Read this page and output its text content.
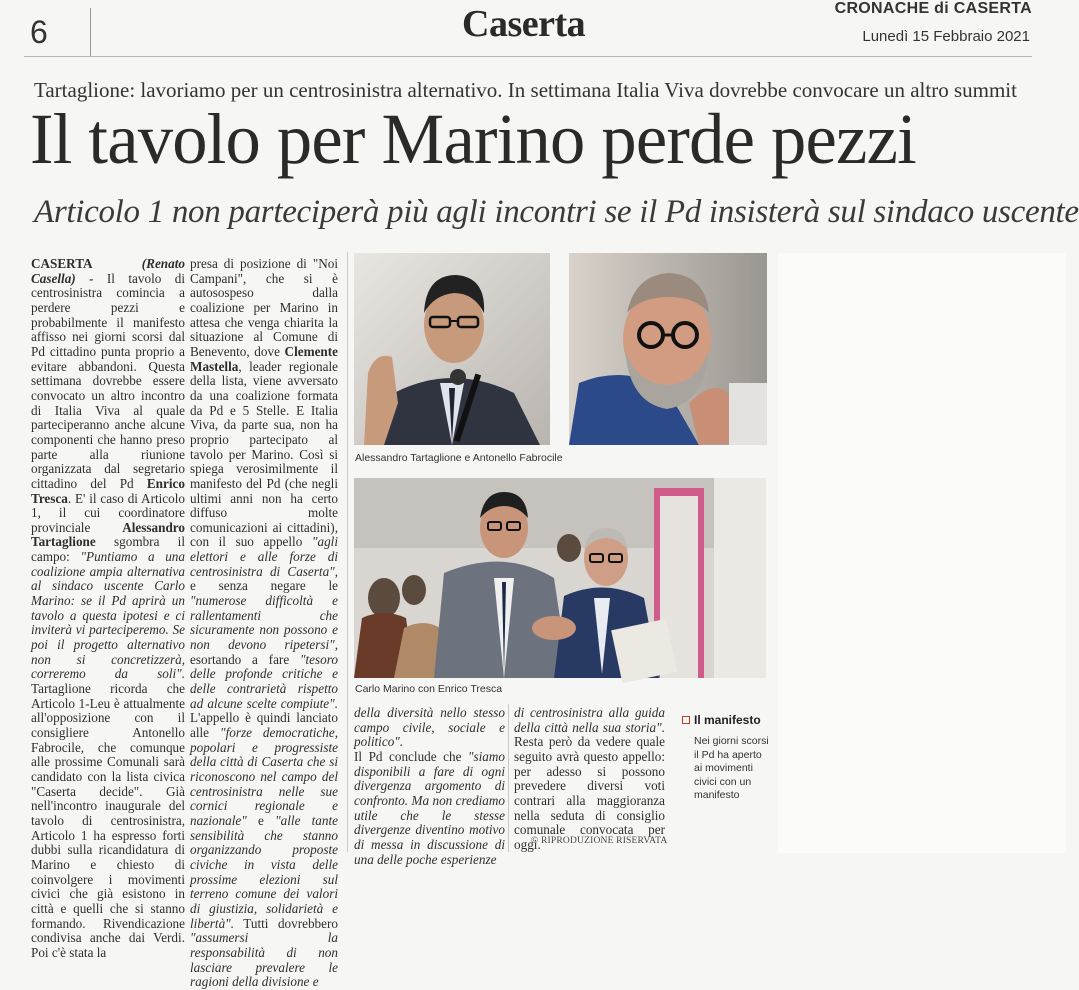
6	Caserta	CRONACHE di CASERTA
Lunedì 15 Febbraio 2021
Tartaglione: lavoriamo per un centrosinistra alternativo. In settimana Italia Viva dovrebbe convocare un altro summit
Il tavolo per Marino perde pezzi
Articolo 1 non parteciperà più agli incontri se il Pd insisterà sul sindaco uscente

CASERTA	(Renato Casella) - Il tavolo di centrosinistra comincia a perdere pezzi e probabilmente il manifesto affisso nei giorni scorsi dal Pd cittadino punta proprio a evitare abbandoni. Questa settimana dovrebbe essere convocato un altro incontro di Italia Viva al quale parteciperanno anche alcune componenti che hanno preso parte alla riunione organizzata dal segretario cittadino del Pd Enrico Tresca. E' il caso di Articolo 1, il cui coordinatore provinciale Alessandro Tartaglione sgombra il campo: "Puntiamo a una coalizione ampia alternativa al sindaco uscente Carlo Marino: se il Pd aprirà un tavolo a questa ipotesi e ci inviterà vi parteciperemo. Se poi il progetto alternativo non si concretizzerà, correremo da soli". Tartaglione ricorda che Articolo 1-Leu è attualmente all'opposizione con il consigliere Antonello Fabrocile, che comunque alle prossime Comunali sarà candidato con la lista civica "Caserta decide". Già nell'incontro inaugurale del tavolo di centrosinistra, Articolo 1 ha espresso forti dubbi sulla ricandidatura di Marino e chiesto di coinvolgere i movimenti civici che già esistono in città e quelli che si stanno formando. Rivendicazione condivisa anche dai Verdi. Poi c'è stata la

presa di posizione di "Noi Campani", che si è autosospeso dalla coalizione per Marino in attesa che venga chiarita la situazione al Comune di Benevento, dove Clemente Mastella, leader regionale della lista, viene avversato da una coalizione formata da Pd e 5 Stelle. E Italia Viva, da parte sua, non ha proprio partecipato al tavolo per Marino. Così si spiega verosimilmente il manifesto del Pd (che negli ultimi anni non ha certo diffuso molte comunicazioni ai cittadini), con il suo appello "agli elettori e alle forze di centrosinistra di Caserta", e senza negare le "numerose difficoltà e rallentamenti che sicuramente non possono e non devono ripetersi", esortando a fare "tesoro delle profonde critiche e delle contrarietà rispetto ad alcune scelte compiute". L'appello è quindi lanciato alle "forze democratiche, popolari e progressiste della città di Caserta che si riconoscono nel campo del centrosinistra nelle sue cornici regionale e nazionale" e "alle tante sensibilità che stanno organizzando proposte civiche in vista delle prossime elezioni sul terreno comune dei valori di giustizia, solidarietà e libertà". Tutti dovrebbero "assumersi la responsabilità di non lasciare prevalere le ragioni della divisione e

Alessandro Tartaglione e Antonello Fabrocile
Carlo Marino con Enrico Tresca

della diversità nello stesso campo civile, sociale e politico".

Il Pd conclude che "siamo disponibili a fare di ogni divergenza argomento di confronto. Ma non crediamo utile che le stesse divergenze diventino motivo di messa in discussione di una delle poche esperienze

di centrosinistra alla guida della città nella sua storia". Resta però da vedere quale seguito avrà questo appello: per adesso si possono prevedere diversi voti contrari alla maggioranza nella seduta di consiglio comunale convocata per oggi.

© RIPRODUZIONE RISERVATA
Il manifesto
Nei giorni scorsi il Pd ha aperto ai movimenti civici con un manifesto
